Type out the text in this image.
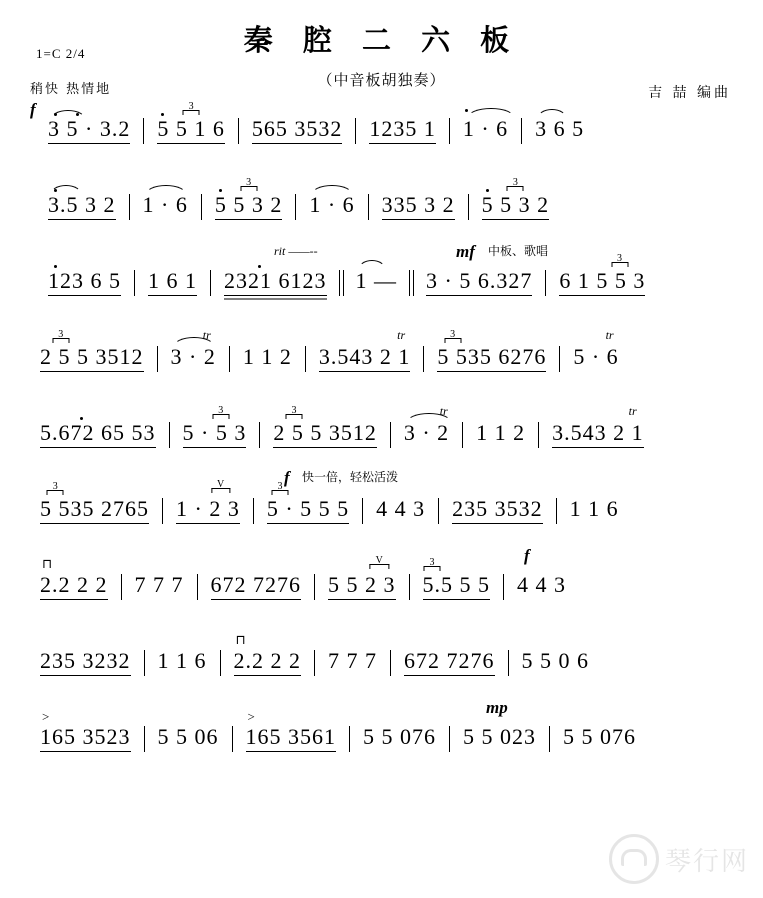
秦 腔 二 六 板
（中音板胡独奏）
1=C 2/4
稍快 热情地	吉 喆 编曲
f
3 5 · 3.2
3
5 5 1 6 565 3532 1235 1 1 · 6 3 6 5
3.5 3 2 1 · 6
3
5 5 3 2 1 · 6 335 3 2
3
5 5 3 2
rit ——--	mf 中板、歌唱
123 6 5 1 6 1 2321 6123 1 — 3 · 5 6.327
3
6 1 5 5 3
3
2 5 5 3512
tr
3 · 2 1 1 2
tr
3.543 2 1
3
5 535 6276
tr
5 · 6
5.672 65 53
3
5 · 5 3
3
2 5 5 3512
tr
3 · 2 1 1 2
tr
3.543 2 1
f 快一倍，轻松活泼
3
5 535 2765
V
1 · 2 3
3
5 · 5 5 5 4 4 3 235 3532 1 1 6
f
⊓
2.2 2 2 7 7 7 672 7276
V
5 5 2 3
3
5.5 5 5 4 4 3
235 3232 1 1 6
⊓
2.2 2 2 7 7 7 672 7276 5 5 0 6
mp
>
165 3523 5 5 06
>
165 3561 5 5 076 5 5 023 5 5 076
琴行网
